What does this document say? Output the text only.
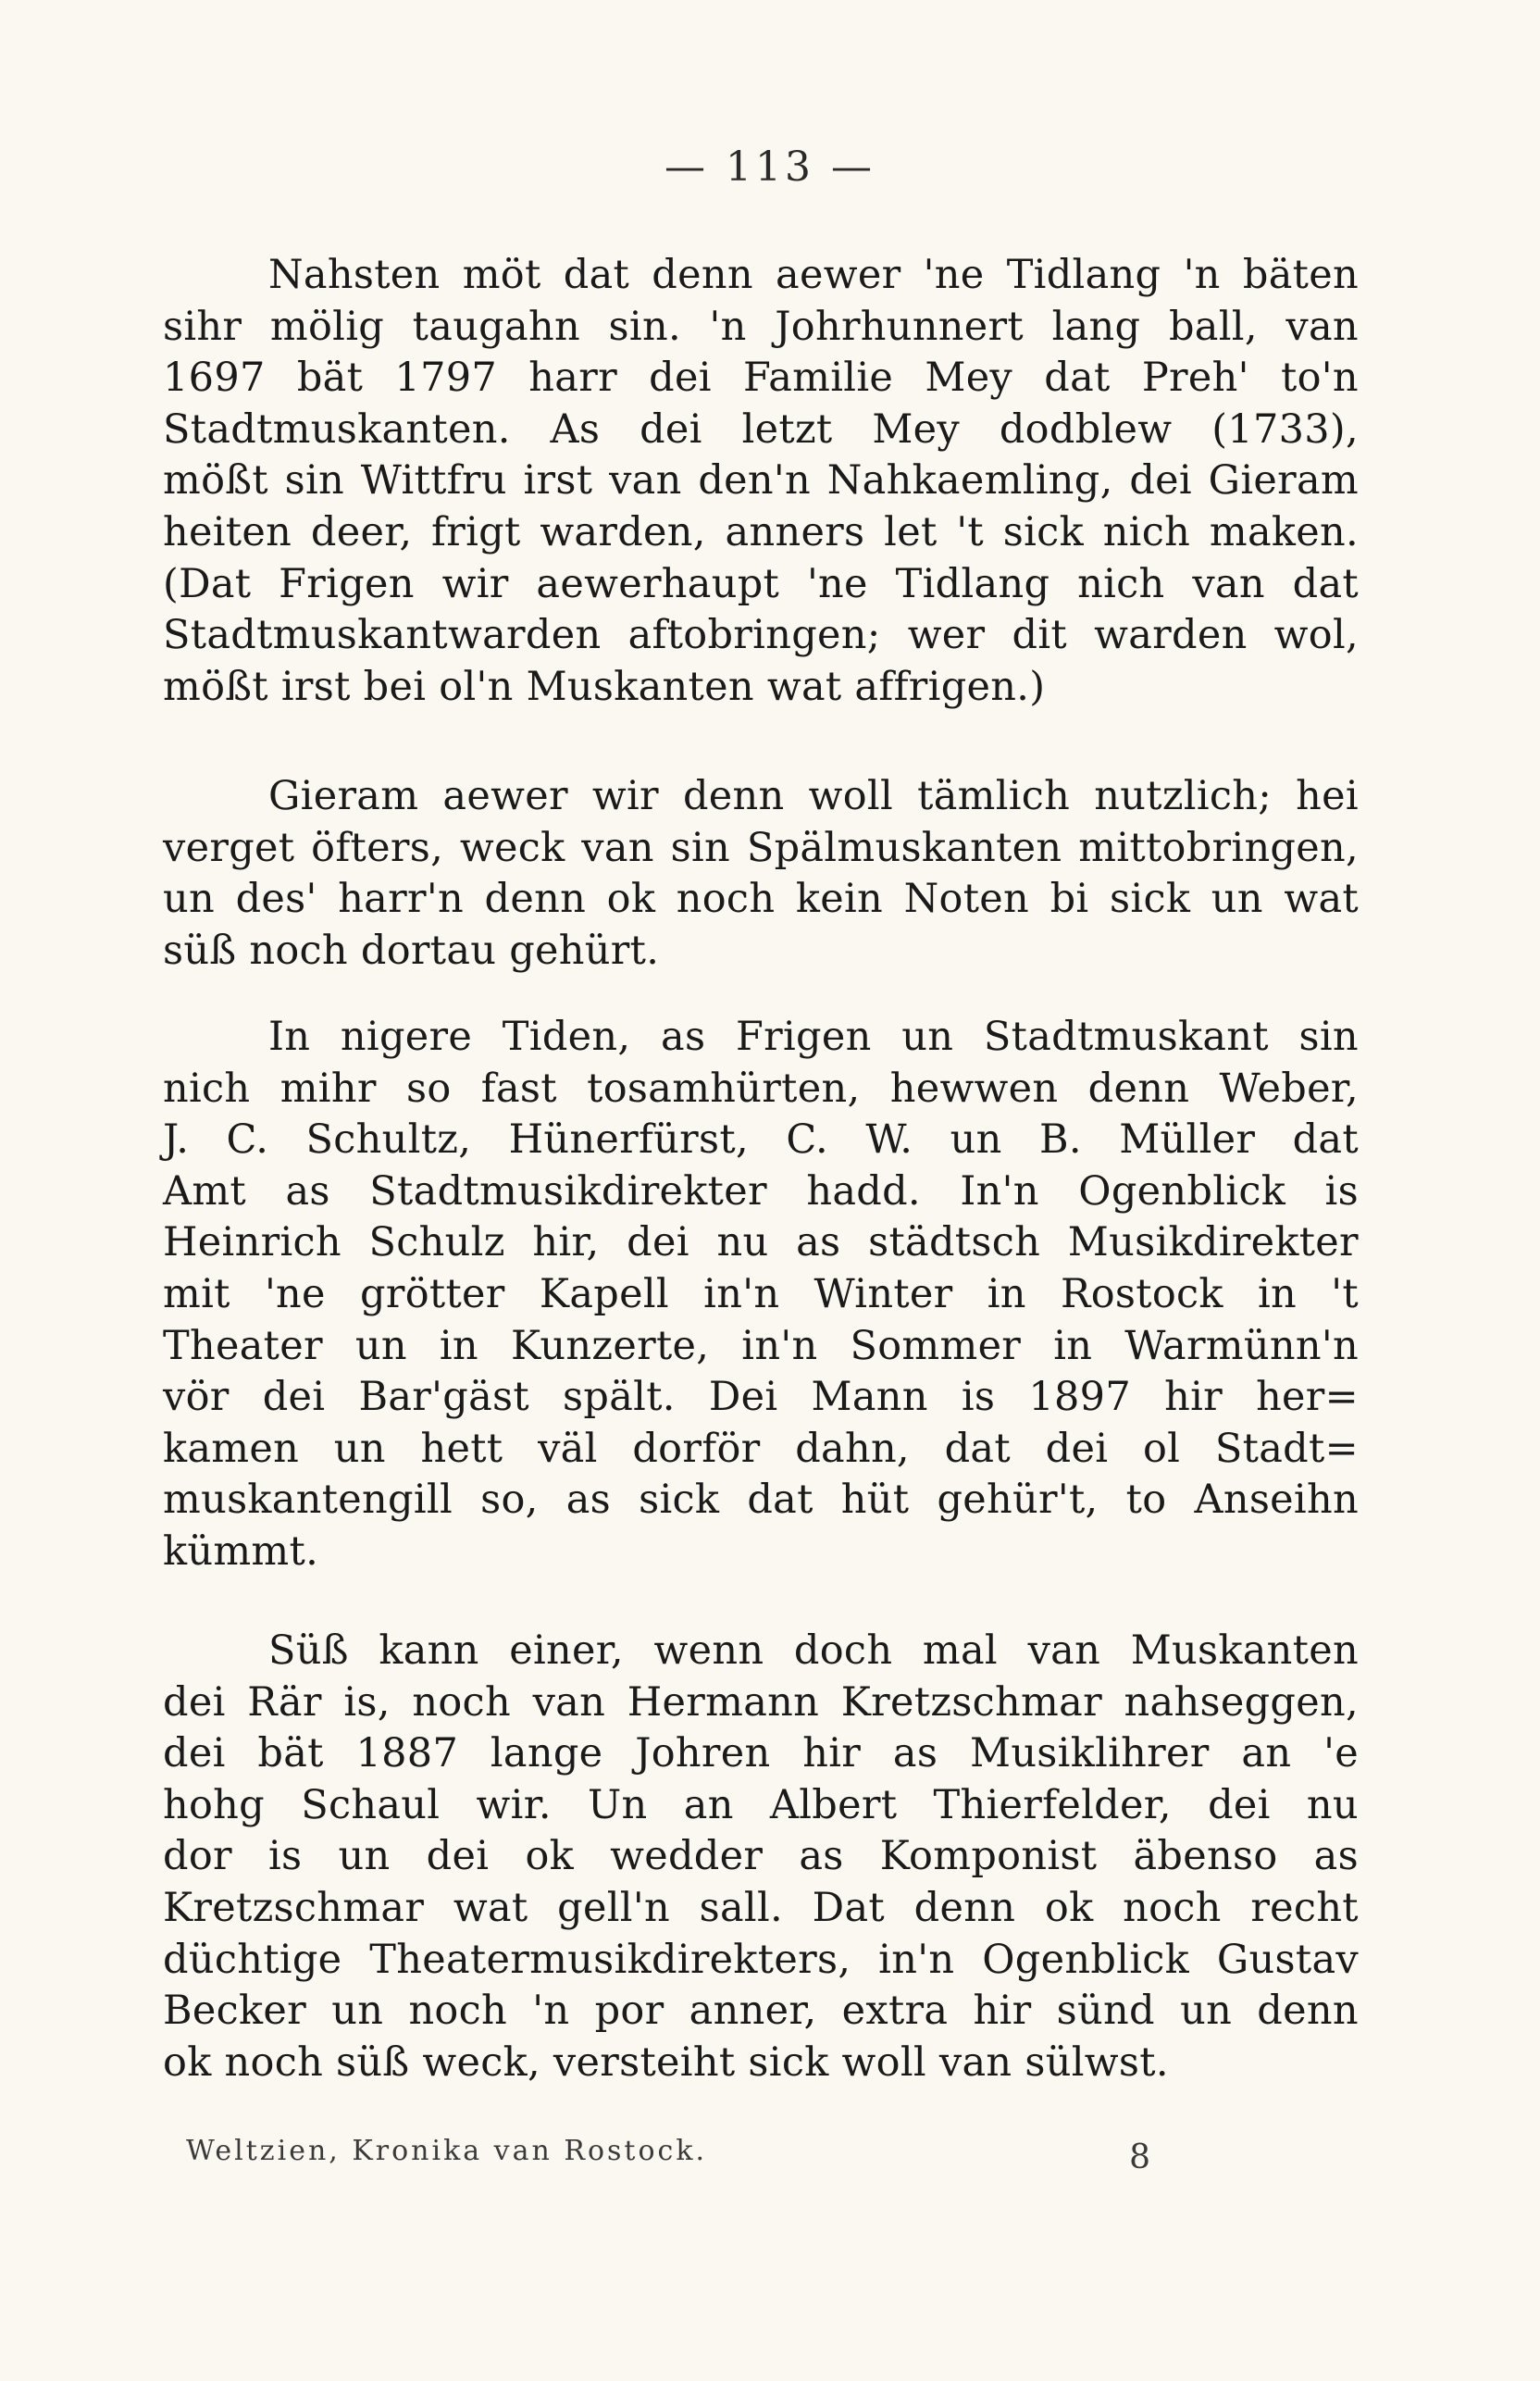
— 113 —
Nahsten möt dat denn aewer 'ne Tidlang 'n bäten
sihr mölig taugahn sin. 'n Johrhunnert lang ball, van
1697 bät 1797 harr dei Familie Mey dat Preh' to'n
Stadtmuskanten. As dei letzt Mey dodblew (1733),
mößt sin Wittfru irst van den'n Nahkaemling, dei Gieram
heiten deer, frigt warden, anners let 't sick nich maken.
(Dat Frigen wir aewerhaupt 'ne Tidlang nich van dat
Stadtmuskantwarden aftobringen; wer dit warden wol,
mößt irst bei ol'n Muskanten wat affrigen.)
Gieram aewer wir denn woll tämlich nutzlich; hei
verget öfters, weck van sin Spälmuskanten mittobringen,
un des' harr'n denn ok noch kein Noten bi sick un wat
süß noch dortau gehürt.
In nigere Tiden, as Frigen un Stadtmuskant sin
nich mihr so fast tosamhürten, hewwen denn Weber,
J. C. Schultz, Hünerfürst, C. W. un B. Müller dat
Amt as Stadtmusikdirekter hadd. In'n Ogenblick is
Heinrich Schulz hir, dei nu as städtsch Musikdirekter
mit 'ne grötter Kapell in'n Winter in Rostock in 't
Theater un in Kunzerte, in'n Sommer in Warmünn'n
vör dei Bar'gäst spält. Dei Mann is 1897 hir her=
kamen un hett väl dorför dahn, dat dei ol Stadt=
muskantengill so, as sick dat hüt gehür't, to Anseihn
kümmt.
Süß kann einer, wenn doch mal van Muskanten
dei Rär is, noch van Hermann Kretzschmar nahseggen,
dei bät 1887 lange Johren hir as Musiklihrer an 'e
hohg Schaul wir. Un an Albert Thierfelder, dei nu
dor is un dei ok wedder as Komponist äbenso as
Kretzschmar wat gell'n sall. Dat denn ok noch recht
düchtige Theatermusikdirekters, in'n Ogenblick Gustav
Becker un noch 'n por anner, extra hir sünd un denn
ok noch süß weck, versteiht sick woll van sülwst.
Weltzien, Kronika van Rostock.	8
